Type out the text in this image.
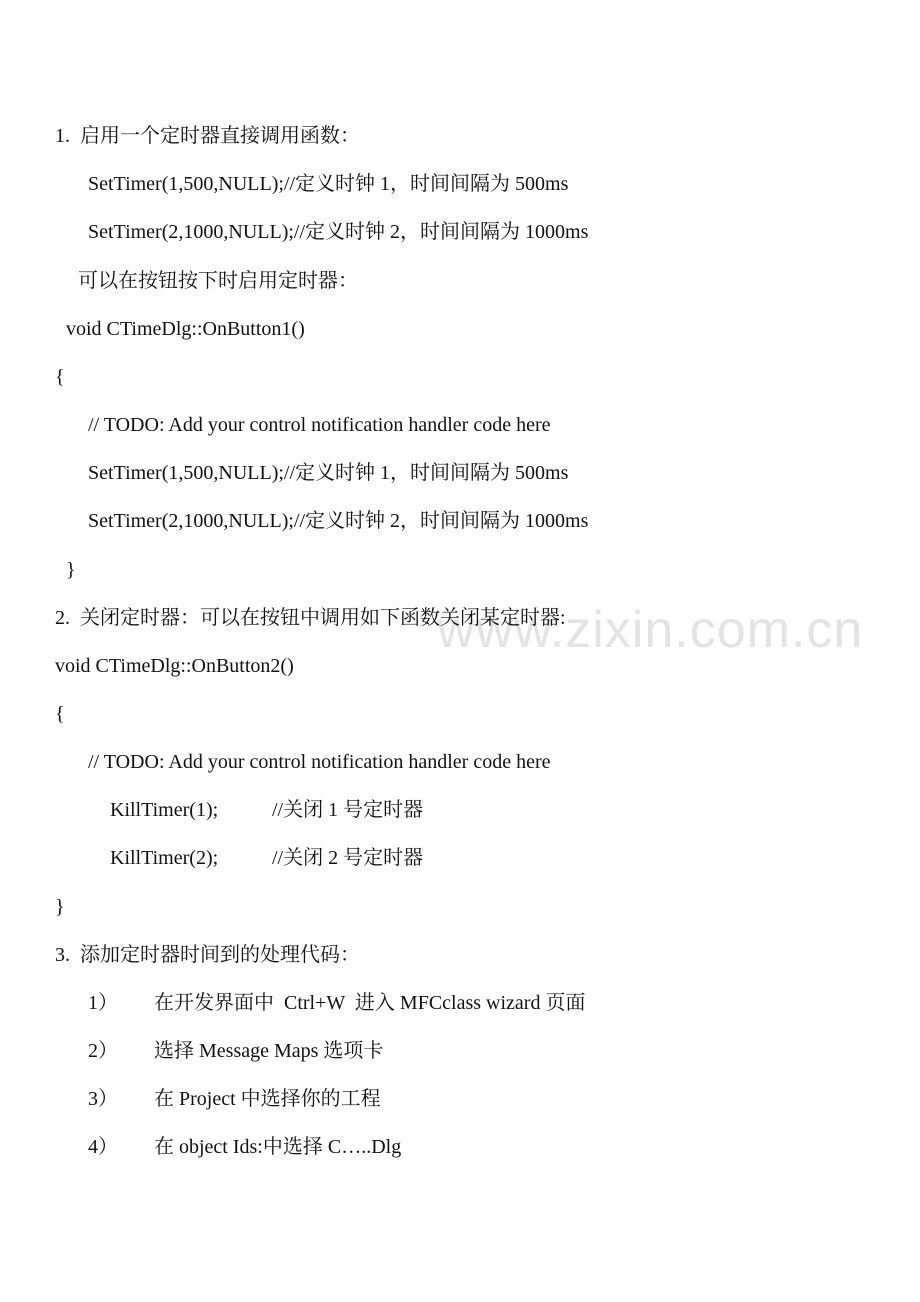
www.zixin.com.cn
1.  启用一个定时器直接调用函数：
SetTimer(1,500,NULL);//定义时钟 1，时间间隔为 500ms
SetTimer(2,1000,NULL);//定义时钟 2，时间间隔为 1000ms
可以在按钮按下时启用定时器：
void CTimeDlg::OnButton1()
{
// TODO: Add your control notification handler code here
SetTimer(1,500,NULL);//定义时钟 1，时间间隔为 500ms
SetTimer(2,1000,NULL);//定义时钟 2，时间间隔为 1000ms
}
2.  关闭定时器：可以在按钮中调用如下函数关闭某定时器:
void CTimeDlg::OnButton2()
{
// TODO: Add your control notification handler code here
KillTimer(1);	//关闭 1 号定时器
KillTimer(2);	//关闭 2 号定时器
}
3.  添加定时器时间到的处理代码：
1） 在开发界面中  Ctrl+W  进入 MFCclass wizard 页面
2） 选择 Message Maps 选项卡
3） 在 Project 中选择你的工程
4） 在 object Ids:中选择 C…..Dlg
